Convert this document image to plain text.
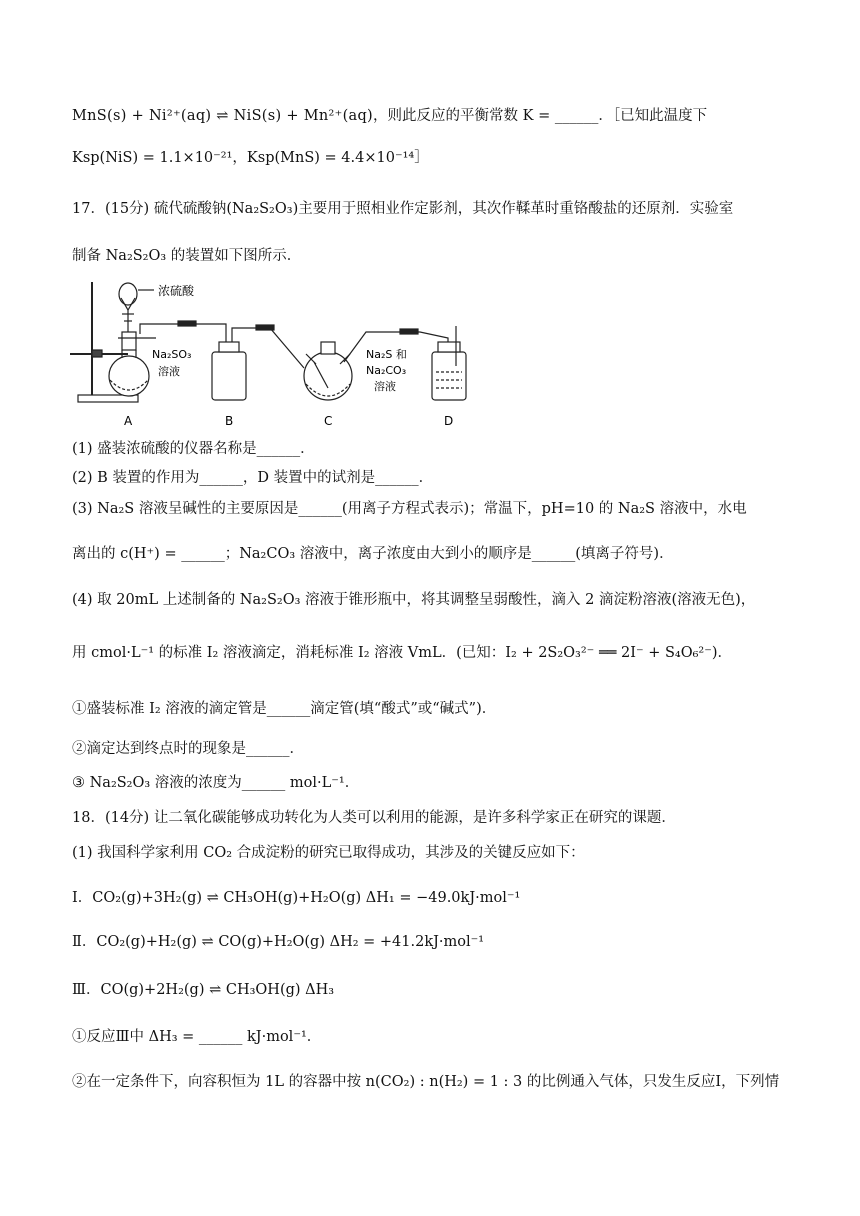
MnS(s) + Ni²⁺(aq) ⇌ NiS(s) + Mn²⁺(aq)，则此反应的平衡常数 K = ______．［已知此温度下
Ksp(NiS) = 1.1×10⁻²¹，Ksp(MnS) = 4.4×10⁻¹⁴］
17．(15分) 硫代硫酸钠(Na₂S₂O₃)主要用于照相业作定影剂，其次作鞣革时重铬酸盐的还原剂．实验室
制备 Na₂S₂O₃ 的装置如下图所示．
浓硫酸
Na₂SO₃
溶液
Na₂S 和
Na₂CO₃
溶液
A	B	C	D
(1) 盛装浓硫酸的仪器名称是______．
(2) B 装置的作用为______，D 装置中的试剂是______．
(3) Na₂S 溶液呈碱性的主要原因是______(用离子方程式表示)；常温下，pH=10 的 Na₂S 溶液中，水电
离出的 c(H⁺) = ______；Na₂CO₃ 溶液中，离子浓度由大到小的顺序是______(填离子符号)．
(4) 取 20mL 上述制备的 Na₂S₂O₃ 溶液于锥形瓶中，将其调整呈弱酸性，滴入 2 滴淀粉溶液(溶液无色)，
用 cmol·L⁻¹ 的标准 I₂ 溶液滴定，消耗标准 I₂ 溶液 VmL．(已知：I₂ + 2S₂O₃²⁻ ══ 2I⁻ + S₄O₆²⁻)．
①盛装标准 I₂ 溶液的滴定管是______滴定管(填“酸式”或“碱式”)．
②滴定达到终点时的现象是______．
③ Na₂S₂O₃ 溶液的浓度为______ mol·L⁻¹．
18．(14分) 让二氧化碳能够成功转化为人类可以利用的能源，是许多科学家正在研究的课题．
(1) 我国科学家利用 CO₂ 合成淀粉的研究已取得成功，其涉及的关键反应如下：
Ⅰ．CO₂(g)+3H₂(g) ⇌ CH₃OH(g)+H₂O(g) ΔH₁ = −49.0kJ·mol⁻¹
Ⅱ．CO₂(g)+H₂(g) ⇌ CO(g)+H₂O(g) ΔH₂ = +41.2kJ·mol⁻¹
Ⅲ．CO(g)+2H₂(g) ⇌ CH₃OH(g) ΔH₃
①反应Ⅲ中 ΔH₃ = ______ kJ·mol⁻¹．
②在一定条件下，向容积恒为 1L 的容器中按 n(CO₂) : n(H₂) = 1 : 3 的比例通入气体，只发生反应Ⅰ，下列情
